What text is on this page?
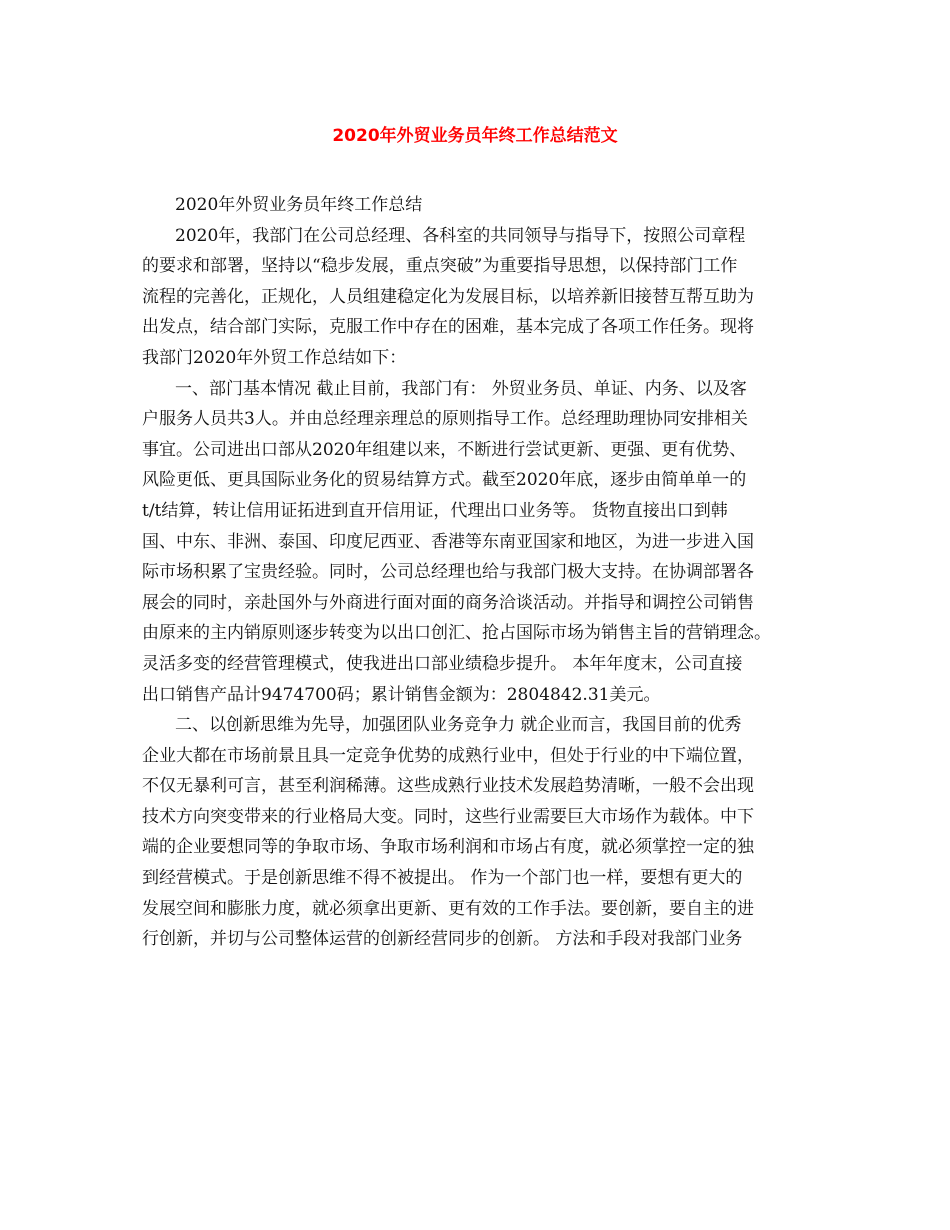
2020年外贸业务员年终工作总结范文
2020年外贸业务员年终工作总结
2020年，我部门在公司总经理、各科室的共同领导与指导下，按照公司章程
的要求和部署，坚持以“稳步发展，重点突破”为重要指导思想，以保持部门工作
流程的完善化，正规化，人员组建稳定化为发展目标，以培养新旧接替互帮互助为
出发点，结合部门实际，克服工作中存在的困难，基本完成了各项工作任务。现将
我部门2020年外贸工作总结如下：
一、部门基本情况 截止目前，我部门有： 外贸业务员、单证、内务、以及客
户服务人员共3人。并由总经理亲理总的原则指导工作。总经理助理协同安排相关
事宜。公司进出口部从2020年组建以来，不断进行尝试更新、更强、更有优势、
风险更低、更具国际业务化的贸易结算方式。截至2020年底，逐步由简单单一的
t/t结算，转让信用证拓进到直开信用证，代理出口业务等。 货物直接出口到韩
国、中东、非洲、泰国、印度尼西亚、香港等东南亚国家和地区，为进一步进入国
际市场积累了宝贵经验。同时，公司总经理也给与我部门极大支持。在协调部署各
展会的同时，亲赴国外与外商进行面对面的商务洽谈活动。并指导和调控公司销售
由原来的主内销原则逐步转变为以出口创汇、抢占国际市场为销售主旨的营销理念。
灵活多变的经营管理模式，使我进出口部业绩稳步提升。 本年年度末，公司直接
出口销售产品计9474700码；累计销售金额为：2804842.31美元。
二、以创新思维为先导，加强团队业务竞争力 就企业而言，我国目前的优秀
企业大都在市场前景且具一定竞争优势的成熟行业中，但处于行业的中下端位置，
不仅无暴利可言，甚至利润稀薄。这些成熟行业技术发展趋势清晰，一般不会出现
技术方向突变带来的行业格局大变。同时，这些行业需要巨大市场作为载体。中下
端的企业要想同等的争取市场、争取市场利润和市场占有度，就必须掌控一定的独
到经营模式。于是创新思维不得不被提出。 作为一个部门也一样，要想有更大的
发展空间和膨胀力度，就必须拿出更新、更有效的工作手法。要创新，要自主的进
行创新，并切与公司整体运营的创新经营同步的创新。 方法和手段对我部门业务
